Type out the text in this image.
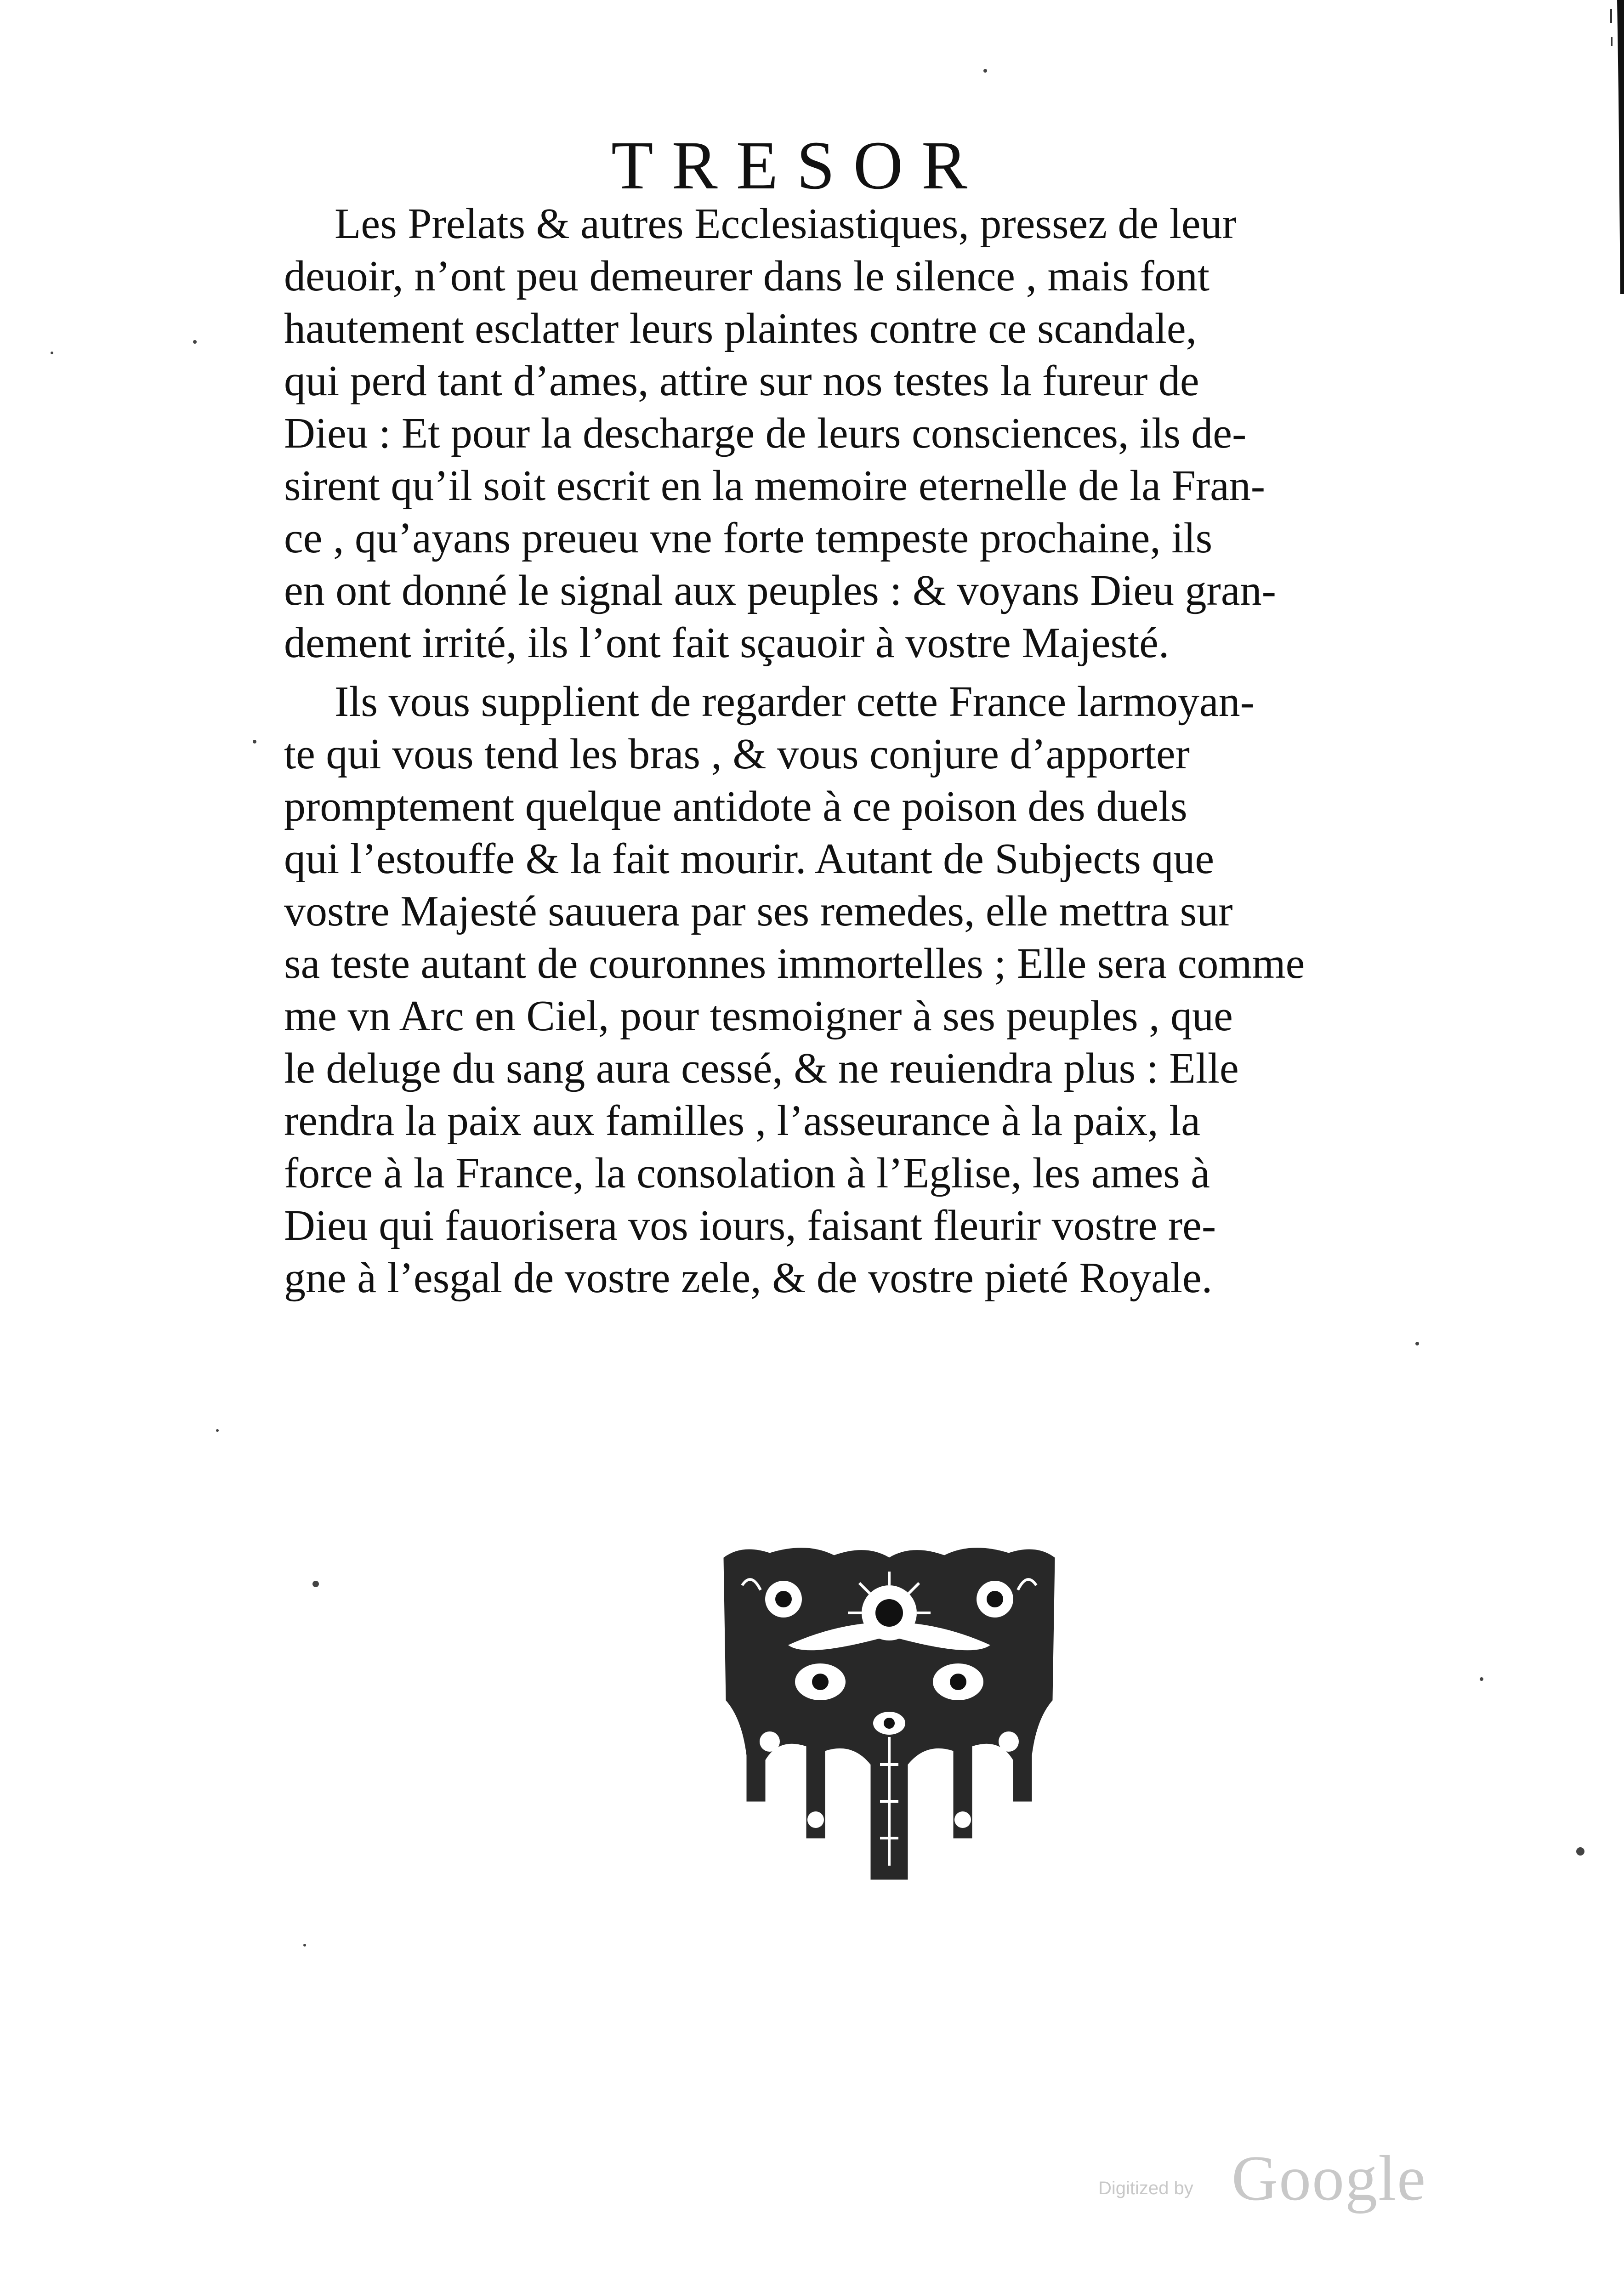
TRESOR
Les Prelats & autres Ecclesiastiques, pressez de leur
deuoir, n’ont peu demeurer dans le silence , mais font
hautement esclatter leurs plaintes contre ce scandale,
qui perd tant d’ames, attire sur nos testes la fureur de
Dieu : Et pour la descharge de leurs consciences, ils de-
sirent qu’il soit escrit en la memoire eternelle de la Fran-
ce , qu’ayans preueu vne forte tempeste prochaine, ils
en ont donné le signal aux peuples : & voyans Dieu gran-
dement irrité, ils l’ont fait sçauoir à vostre Majesté.
Ils vous supplient de regarder cette France larmoyan-
te qui vous tend les bras , & vous conjure d’apporter
promptement quelque antidote à ce poison des duels
qui l’estouffe & la fait mourir. Autant de Subjects que
vostre Majesté sauuera par ses remedes, elle mettra sur
sa teste autant de couronnes immortelles ; Elle sera comme
me vn Arc en Ciel, pour tesmoigner à ses peuples , que
le deluge du sang aura cessé, & ne reuiendra plus : Elle
rendra la paix aux familles , l’asseurance à la paix, la
force à la France, la consolation à l’Eglise, les ames à
Dieu qui fauorisera vos iours, faisant fleurir vostre re-
gne à l’esgal de vostre zele, & de vostre pieté Royale.
Digitized by Google
